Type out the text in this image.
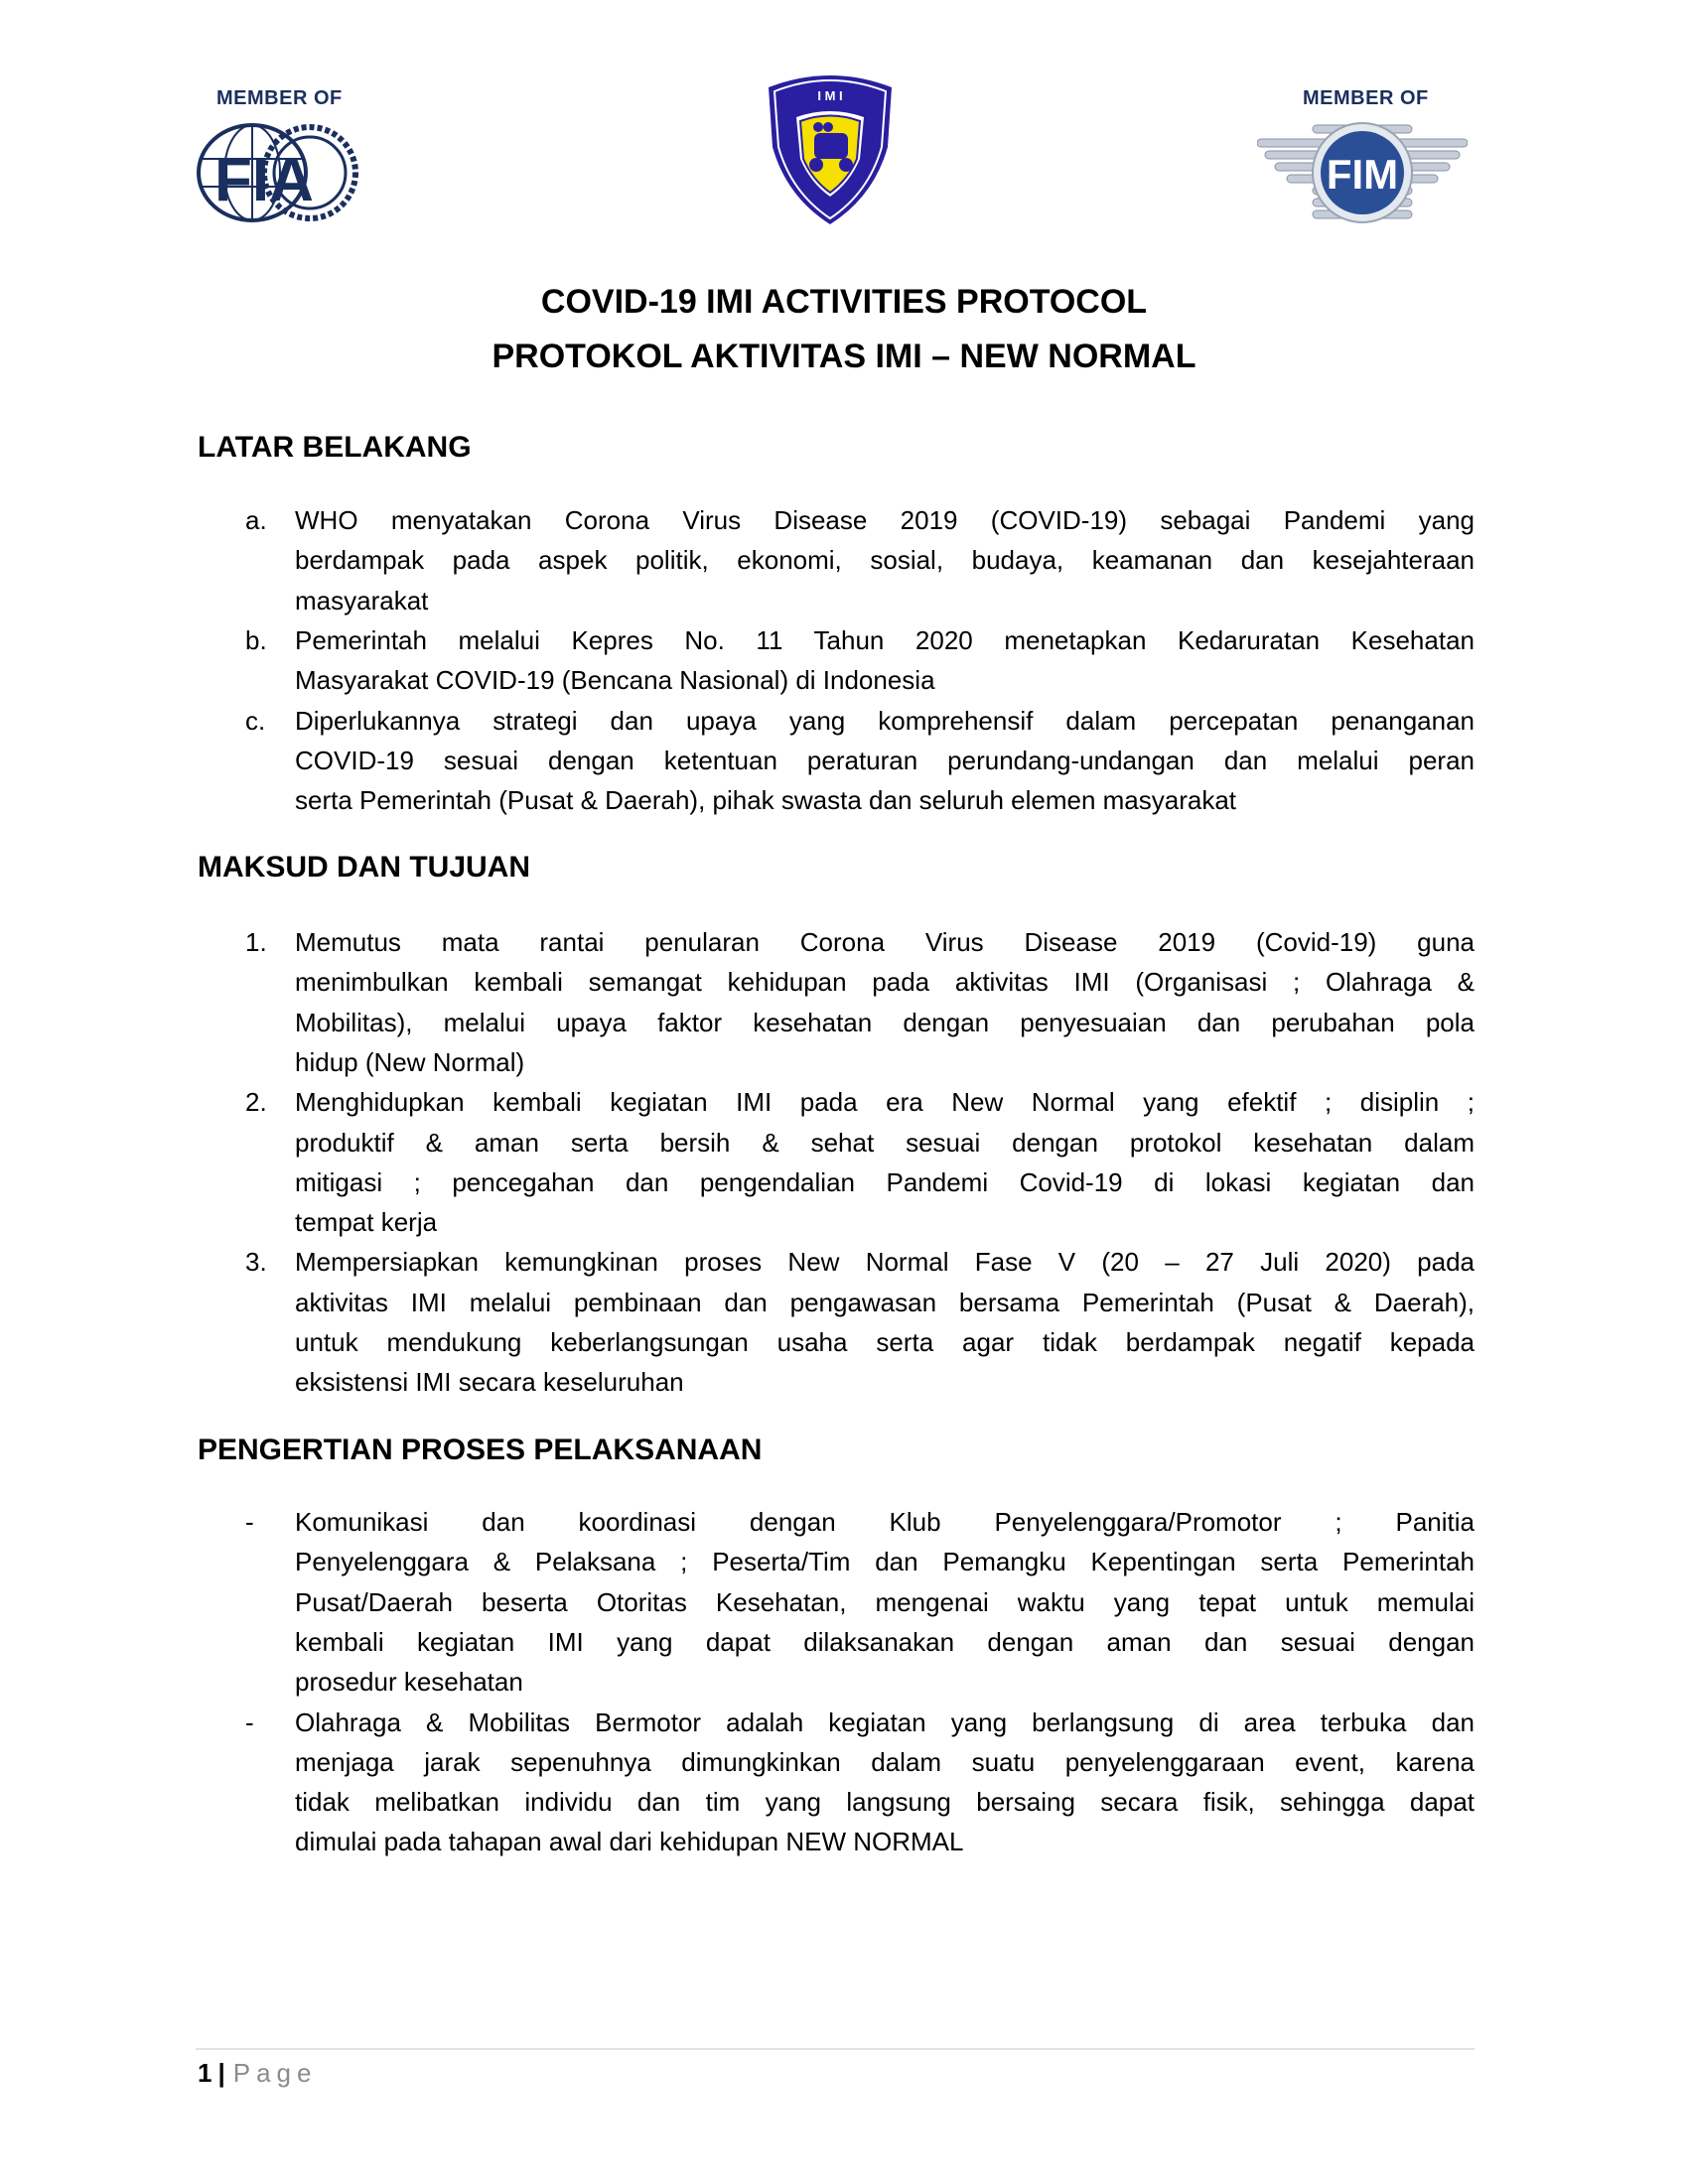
MEMBER OF
FIA
I M I	MEMBER OF
FIM
COVID-19 IMI ACTIVITIES PROTOCOL
PROTOKOL AKTIVITAS IMI – NEW NORMAL
LATAR BELAKANG
a. WHO menyatakan Corona Virus Disease 2019 (COVID-19) sebagai Pandemi yang
berdampak pada aspek politik, ekonomi, sosial, budaya, keamanan dan kesejahteraan
masyarakat
b. Pemerintah melalui Kepres No. 11 Tahun 2020 menetapkan Kedaruratan Kesehatan
Masyarakat COVID-19 (Bencana Nasional) di Indonesia
c. Diperlukannya strategi dan upaya yang komprehensif dalam percepatan penanganan
COVID-19 sesuai dengan ketentuan peraturan perundang-undangan dan melalui peran
serta Pemerintah (Pusat & Daerah), pihak swasta dan seluruh elemen masyarakat
MAKSUD DAN TUJUAN
1. Memutus mata rantai penularan Corona Virus Disease 2019 (Covid-19) guna
menimbulkan kembali semangat kehidupan pada aktivitas IMI (Organisasi ; Olahraga &
Mobilitas), melalui upaya faktor kesehatan dengan penyesuaian dan perubahan pola
hidup (New Normal)
2. Menghidupkan kembali kegiatan IMI pada era New Normal yang efektif ; disiplin ;
produktif & aman serta bersih & sehat sesuai dengan protokol kesehatan dalam
mitigasi ; pencegahan dan pengendalian Pandemi Covid-19 di lokasi kegiatan dan
tempat kerja
3. Mempersiapkan kemungkinan proses New Normal Fase V (20 – 27 Juli 2020) pada
aktivitas IMI melalui pembinaan dan pengawasan bersama Pemerintah (Pusat & Daerah),
untuk mendukung keberlangsungan usaha serta agar tidak berdampak negatif kepada
eksistensi IMI secara keseluruhan
PENGERTIAN PROSES PELAKSANAAN
- Komunikasi dan koordinasi dengan Klub Penyelenggara/Promotor ; Panitia
Penyelenggara & Pelaksana ; Peserta/Tim dan Pemangku Kepentingan serta Pemerintah
Pusat/Daerah beserta Otoritas Kesehatan, mengenai waktu yang tepat untuk memulai
kembali kegiatan IMI yang dapat dilaksanakan dengan aman dan sesuai dengan
prosedur kesehatan
- Olahraga & Mobilitas Bermotor adalah kegiatan yang berlangsung di area terbuka dan
menjaga jarak sepenuhnya dimungkinkan dalam suatu penyelenggaraan event, karena
tidak melibatkan individu dan tim yang langsung bersaing secara fisik, sehingga dapat
dimulai pada tahapan awal dari kehidupan NEW NORMAL
1 | Page
